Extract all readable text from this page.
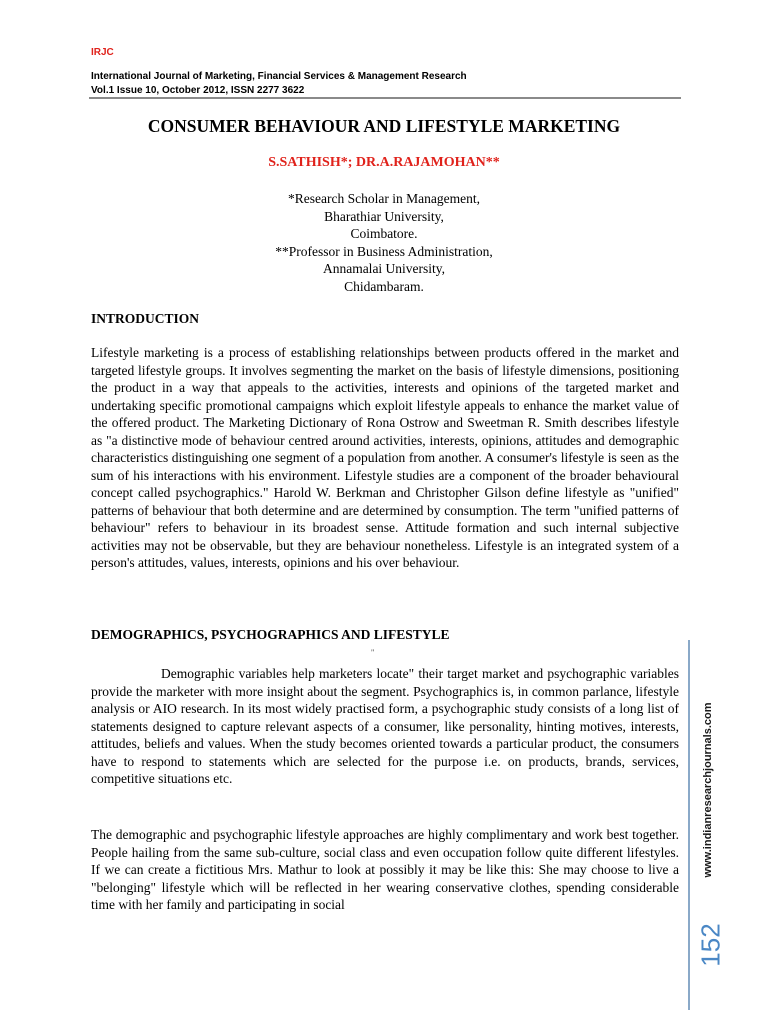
IRJC
International Journal of Marketing, Financial Services & Management Research
Vol.1 Issue 10, October 2012, ISSN 2277 3622
CONSUMER BEHAVIOUR AND LIFESTYLE MARKETING
S.SATHISH*; DR.A.RAJAMOHAN**
*Research Scholar in Management,
Bharathiar University,
Coimbatore.
**Professor in Business Administration,
Annamalai University,
Chidambaram.
INTRODUCTION
Lifestyle marketing is a process of establishing relationships between products offered in the market and targeted lifestyle groups. It involves segmenting the market on the basis of lifestyle dimensions, positioning the product in a way that appeals to the activities, interests and opinions of the targeted market and undertaking specific promotional campaigns which exploit lifestyle appeals to enhance the market value of the offered product. The Marketing Dictionary of Rona Ostrow and Sweetman R. Smith describes lifestyle as "a distinctive mode of behaviour centred around activities, interests, opinions, attitudes and demographic characteristics distinguishing one segment of a population from another. A consumer's lifestyle is seen as the sum of his interactions with his environment. Lifestyle studies are a component of the broader behavioural concept called psychographics." Harold W. Berkman and Christopher Gilson define lifestyle as "unified" patterns of behaviour that both determine and are determined by consumption. The term "unified patterns of behaviour" refers to behaviour in its broadest sense. Attitude formation and such internal subjective activities may not be observable, but they are behaviour nonetheless. Lifestyle is an integrated system of a person's attitudes, values, interests, opinions and his over behaviour.
DEMOGRAPHICS, PSYCHOGRAPHICS AND LIFESTYLE
"
Demographic variables help marketers locate" their target market and psychographic variables provide the marketer with more insight about the segment. Psychographics is, in common parlance, lifestyle analysis or AIO research. In its most widely practised form, a psychographic study consists of a long list of statements designed to capture relevant aspects of a consumer, like personality, hinting motives, interests, attitudes, beliefs and values. When the study becomes oriented towards a particular product, the consumers have to respond to statements which are selected for the purpose i.e. on products, brands, services, competitive situations etc.
The demographic and psychographic lifestyle approaches are highly complimentary and work best together. People hailing from the same sub-culture, social class and even occupation follow quite different lifestyles. If we can create a fictitious Mrs. Mathur to look at possibly it may be like this: She may choose to live a "belonging" lifestyle which will be reflected in her wearing conservative clothes, spending considerable time with her family and participating in social
www.indianresearchjournals.com
152
